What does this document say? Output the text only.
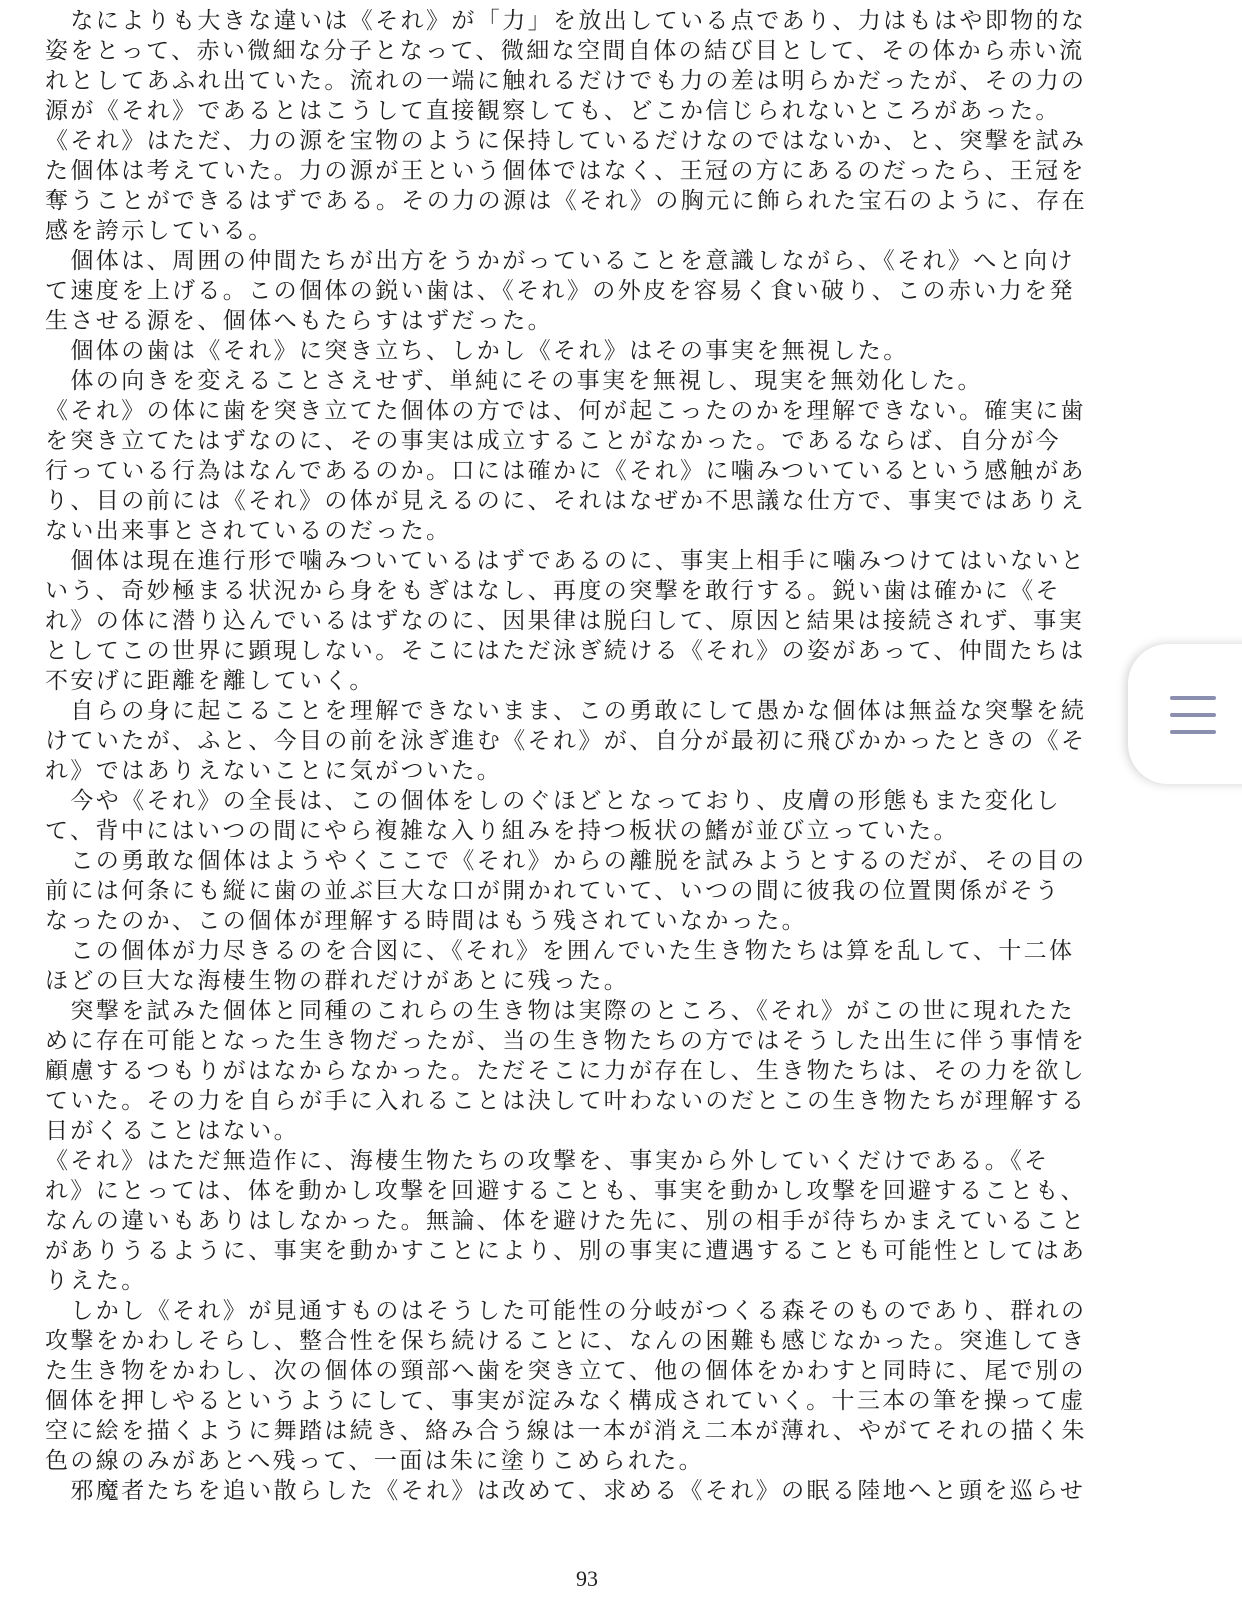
　なによりも大きな違いは《それ》が「力」を放出している点であり、力はもはや即物的な
姿をとって、赤い微細な分子となって、微細な空間自体の結び目として、その体から赤い流
れとしてあふれ出ていた。流れの一端に触れるだけでも力の差は明らかだったが、その力の
源が《それ》であるとはこうして直接観察しても、どこか信じられないところがあった。
《それ》はただ、力の源を宝物のように保持しているだけなのではないか、と、突撃を試み
た個体は考えていた。力の源が王という個体ではなく、王冠の方にあるのだったら、王冠を
奪うことができるはずである。その力の源は《それ》の胸元に飾られた宝石のように、存在
感を誇示している。
　個体は、周囲の仲間たちが出方をうかがっていることを意識しながら、《それ》へと向け
て速度を上げる。この個体の鋭い歯は、《それ》の外皮を容易く食い破り、この赤い力を発
生させる源を、個体へもたらすはずだった。
　個体の歯は《それ》に突き立ち、しかし《それ》はその事実を無視した。
　体の向きを変えることさえせず、単純にその事実を無視し、現実を無効化した。
《それ》の体に歯を突き立てた個体の方では、何が起こったのかを理解できない。確実に歯
を突き立てたはずなのに、その事実は成立することがなかった。であるならば、自分が今
行っている行為はなんであるのか。口には確かに《それ》に噛みついているという感触があ
り、目の前には《それ》の体が見えるのに、それはなぜか不思議な仕方で、事実ではありえ
ない出来事とされているのだった。
　個体は現在進行形で噛みついているはずであるのに、事実上相手に噛みつけてはいないと
いう、奇妙極まる状況から身をもぎはなし、再度の突撃を敢行する。鋭い歯は確かに《そ
れ》の体に潜り込んでいるはずなのに、因果律は脱臼して、原因と結果は接続されず、事実
としてこの世界に顕現しない。そこにはただ泳ぎ続ける《それ》の姿があって、仲間たちは
不安げに距離を離していく。
　自らの身に起こることを理解できないまま、この勇敢にして愚かな個体は無益な突撃を続
けていたが、ふと、今目の前を泳ぎ進む《それ》が、自分が最初に飛びかかったときの《そ
れ》ではありえないことに気がついた。
　今や《それ》の全長は、この個体をしのぐほどとなっており、皮膚の形態もまた変化し
て、背中にはいつの間にやら複雑な入り組みを持つ板状の鰭が並び立っていた。
　この勇敢な個体はようやくここで《それ》からの離脱を試みようとするのだが、その目の
前には何条にも縦に歯の並ぶ巨大な口が開かれていて、いつの間に彼我の位置関係がそう
なったのか、この個体が理解する時間はもう残されていなかった。
　この個体が力尽きるのを合図に、《それ》を囲んでいた生き物たちは算を乱して、十二体
ほどの巨大な海棲生物の群れだけがあとに残った。
　突撃を試みた個体と同種のこれらの生き物は実際のところ、《それ》がこの世に現れたた
めに存在可能となった生き物だったが、当の生き物たちの方ではそうした出生に伴う事情を
顧慮するつもりがはなからなかった。ただそこに力が存在し、生き物たちは、その力を欲し
ていた。その力を自らが手に入れることは決して叶わないのだとこの生き物たちが理解する
日がくることはない。
《それ》はただ無造作に、海棲生物たちの攻撃を、事実から外していくだけである。《そ
れ》にとっては、体を動かし攻撃を回避することも、事実を動かし攻撃を回避することも、
なんの違いもありはしなかった。無論、体を避けた先に、別の相手が待ちかまえていること
がありうるように、事実を動かすことにより、別の事実に遭遇することも可能性としてはあ
りえた。
　しかし《それ》が見通すものはそうした可能性の分岐がつくる森そのものであり、群れの
攻撃をかわしそらし、整合性を保ち続けることに、なんの困難も感じなかった。突進してき
た生き物をかわし、次の個体の頸部へ歯を突き立て、他の個体をかわすと同時に、尾で別の
個体を押しやるというようにして、事実が淀みなく構成されていく。十三本の筆を操って虚
空に絵を描くように舞踏は続き、絡み合う線は一本が消え二本が薄れ、やがてそれの描く朱
色の線のみがあとへ残って、一面は朱に塗りこめられた。
　邪魔者たちを追い散らした《それ》は改めて、求める《それ》の眠る陸地へと頭を巡らせ
93
